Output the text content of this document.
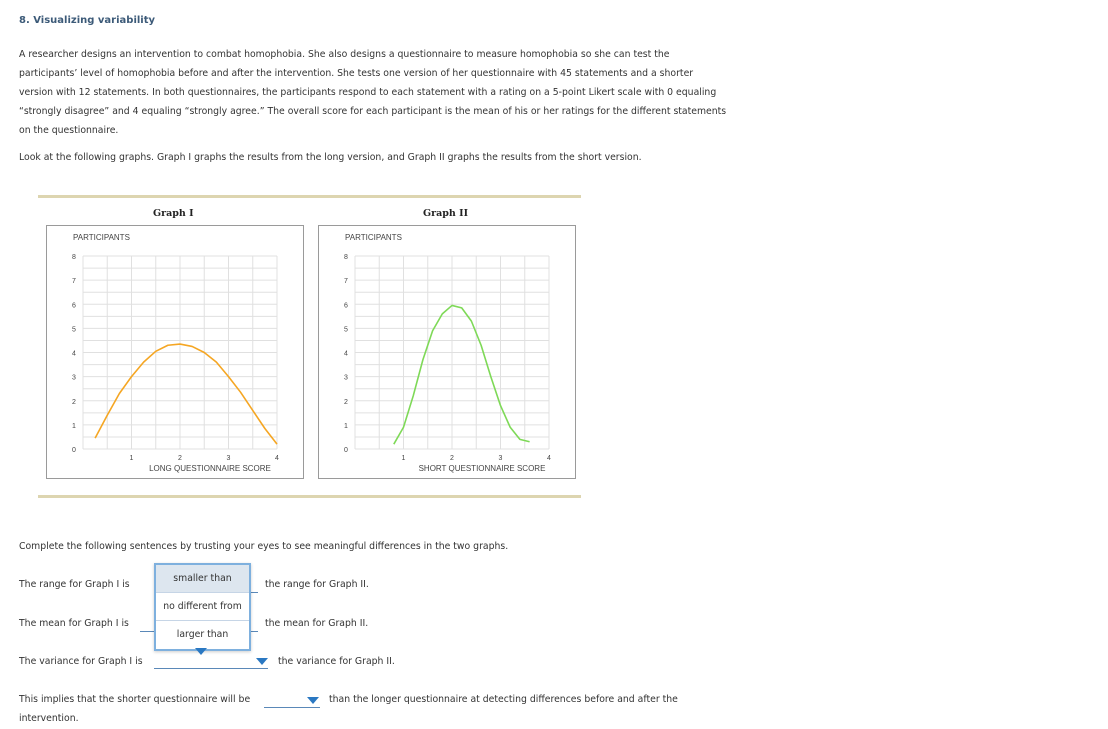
8. Visualizing variability
A researcher designs an intervention to combat homophobia. She also designs a questionnaire to measure homophobia so she can test the
participants’ level of homophobia before and after the intervention. She tests one version of her questionnaire with 45 statements and a shorter
version with 12 statements. In both questionnaires, the participants respond to each statement with a rating on a 5-point Likert scale with 0 equaling
“strongly disagree” and 4 equaling “strongly agree.” The overall score for each participant is the mean of his or her ratings for the different statements
on the questionnaire.
Look at the following graphs. Graph I graphs the results from the long version, and Graph II graphs the results from the short version.
Graph I	Graph II
PARTICIPANTS
0
1
2
3
4
5
6
7
8
1	2	3	4
LONG QUESTIONNAIRE SCORE
PARTICIPANTS
0
1
2
3
4
5
6
7
8
1	2	3	4
SHORT QUESTIONNAIRE SCORE
Complete the following sentences by trusting your eyes to see meaningful differences in the two graphs.
The range for Graph I is	the range for Graph II.
The mean for Graph I is	the mean for Graph II.
The variance for Graph I is	the variance for Graph II.
This implies that the shorter questionnaire will be	than the longer questionnaire at detecting differences before and after the
intervention.
smaller than
no different from
larger than
